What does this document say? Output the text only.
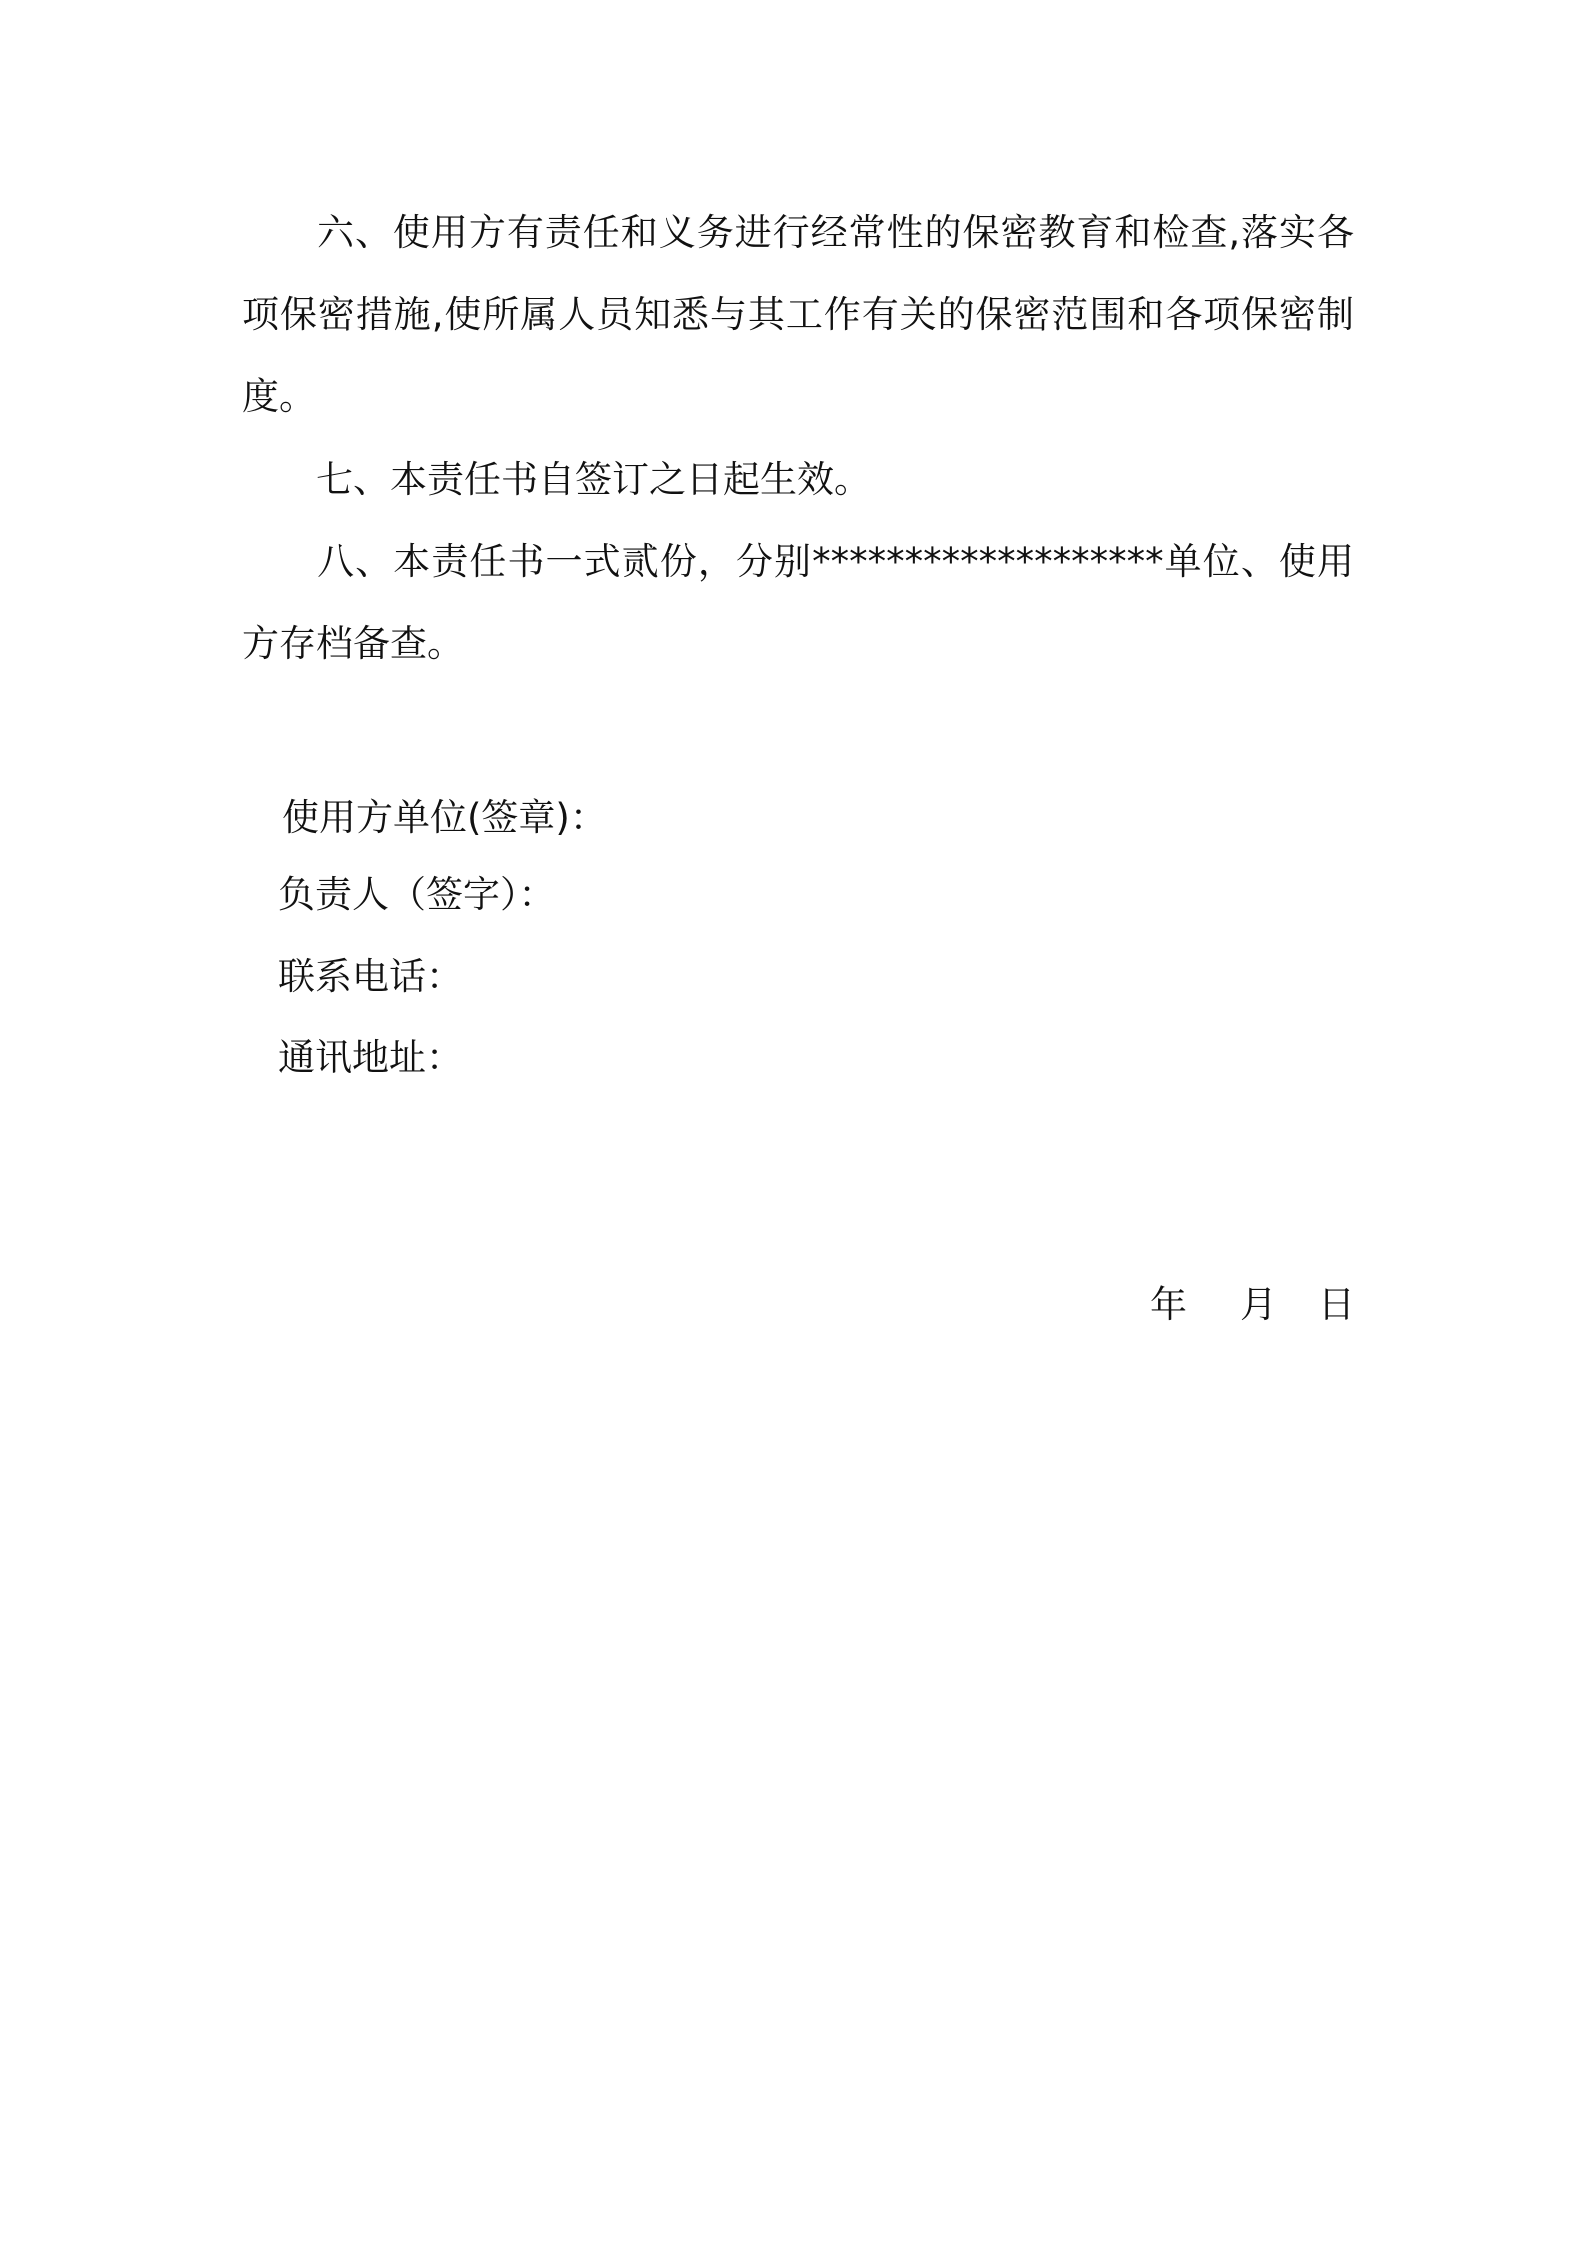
六、使用方有责任和义务进行经常性的保密教育和检查,落实各项保密措施,使所属人员知悉与其工作有关的保密范围和各项保密制度。
七、本责任书自签订之日起生效。
八、本责任书一式贰份，分别*******************单位、使用方存档备查。
使用方单位(签章)：
负责人（签字）：
联系电话：
通讯地址：
年 月 日
